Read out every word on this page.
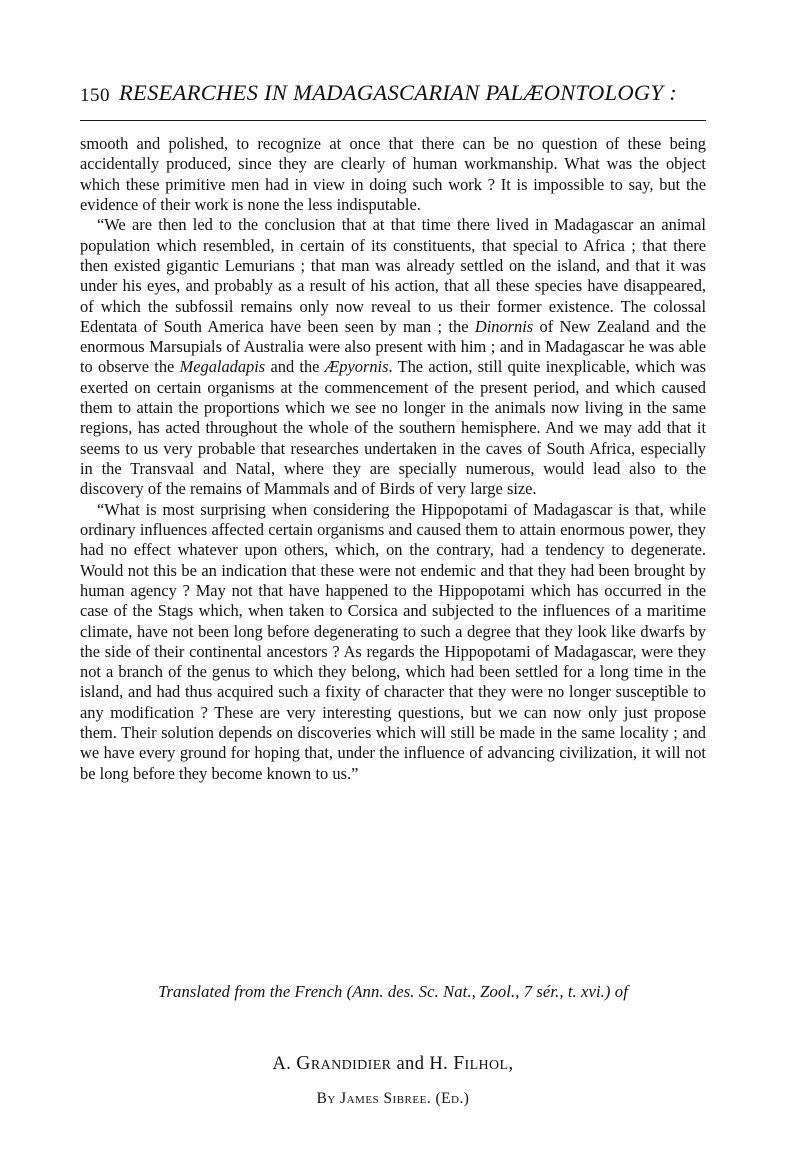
150 RESEARCHES IN MADAGASCARIAN PALÆONTOLOGY :

smooth and polished, to recognize at once that there can be no question of these being accidentally produced, since they are clearly of human workmanship. What was the object which these primitive men had in view in doing such work ? It is impossible to say, but the evidence of their work is none the less indisputable.

“We are then led to the conclusion that at that time there lived in Madagascar an animal population which resembled, in certain of its constituents, that special to Africa ; that there then existed gigantic Lemurians ; that man was already settled on the island, and that it was under his eyes, and probably as a result of his action, that all these species have disappeared, of which the subfossil remains only now reveal to us their former existence. The colossal Edentata of South America have been seen by man ; the Dinornis of New Zealand and the enormous Marsupials of Australia were also present with him ; and in Madagascar he was able to observe the Megaladapis and the Æpyornis. The action, still quite inexplicable, which was exerted on certain organisms at the commencement of the present period, and which caused them to attain the proportions which we see no longer in the animals now living in the same regions, has acted throughout the whole of the southern hemisphere. And we may add that it seems to us very probable that researches undertaken in the caves of South Africa, especially in the Transvaal and Natal, where they are specially numerous, would lead also to the discovery of the remains of Mammals and of Birds of very large size.

“What is most surprising when considering the Hippopotami of Madagascar is that, while ordinary influences affected certain organisms and caused them to attain enormous power, they had no effect whatever upon others, which, on the contrary, had a tendency to degenerate. Would not this be an indication that these were not endemic and that they had been brought by human agency ? May not that have happened to the Hippopotami which has occurred in the case of the Stags which, when taken to Corsica and subjected to the influences of a maritime climate, have not been long before degenerating to such a degree that they look like dwarfs by the side of their continental ancestors ? As regards the Hippopotami of Madagascar, were they not a branch of the genus to which they belong, which had been settled for a long time in the island, and had thus acquired such a fixity of character that they were no longer susceptible to any modification ? These are very interesting questions, but we can now only just propose them. Their solution depends on discoveries which will still be made in the same locality ; and we have every ground for hoping that, under the influence of advancing civilization, it will not be long before they become known to us.”

Translated from the French (Ann. des. Sc. Nat., Zool., 7 sér., t. xvi.) of
A. Grandidier and H. Filhol,
By James Sibree. (Ed.)
